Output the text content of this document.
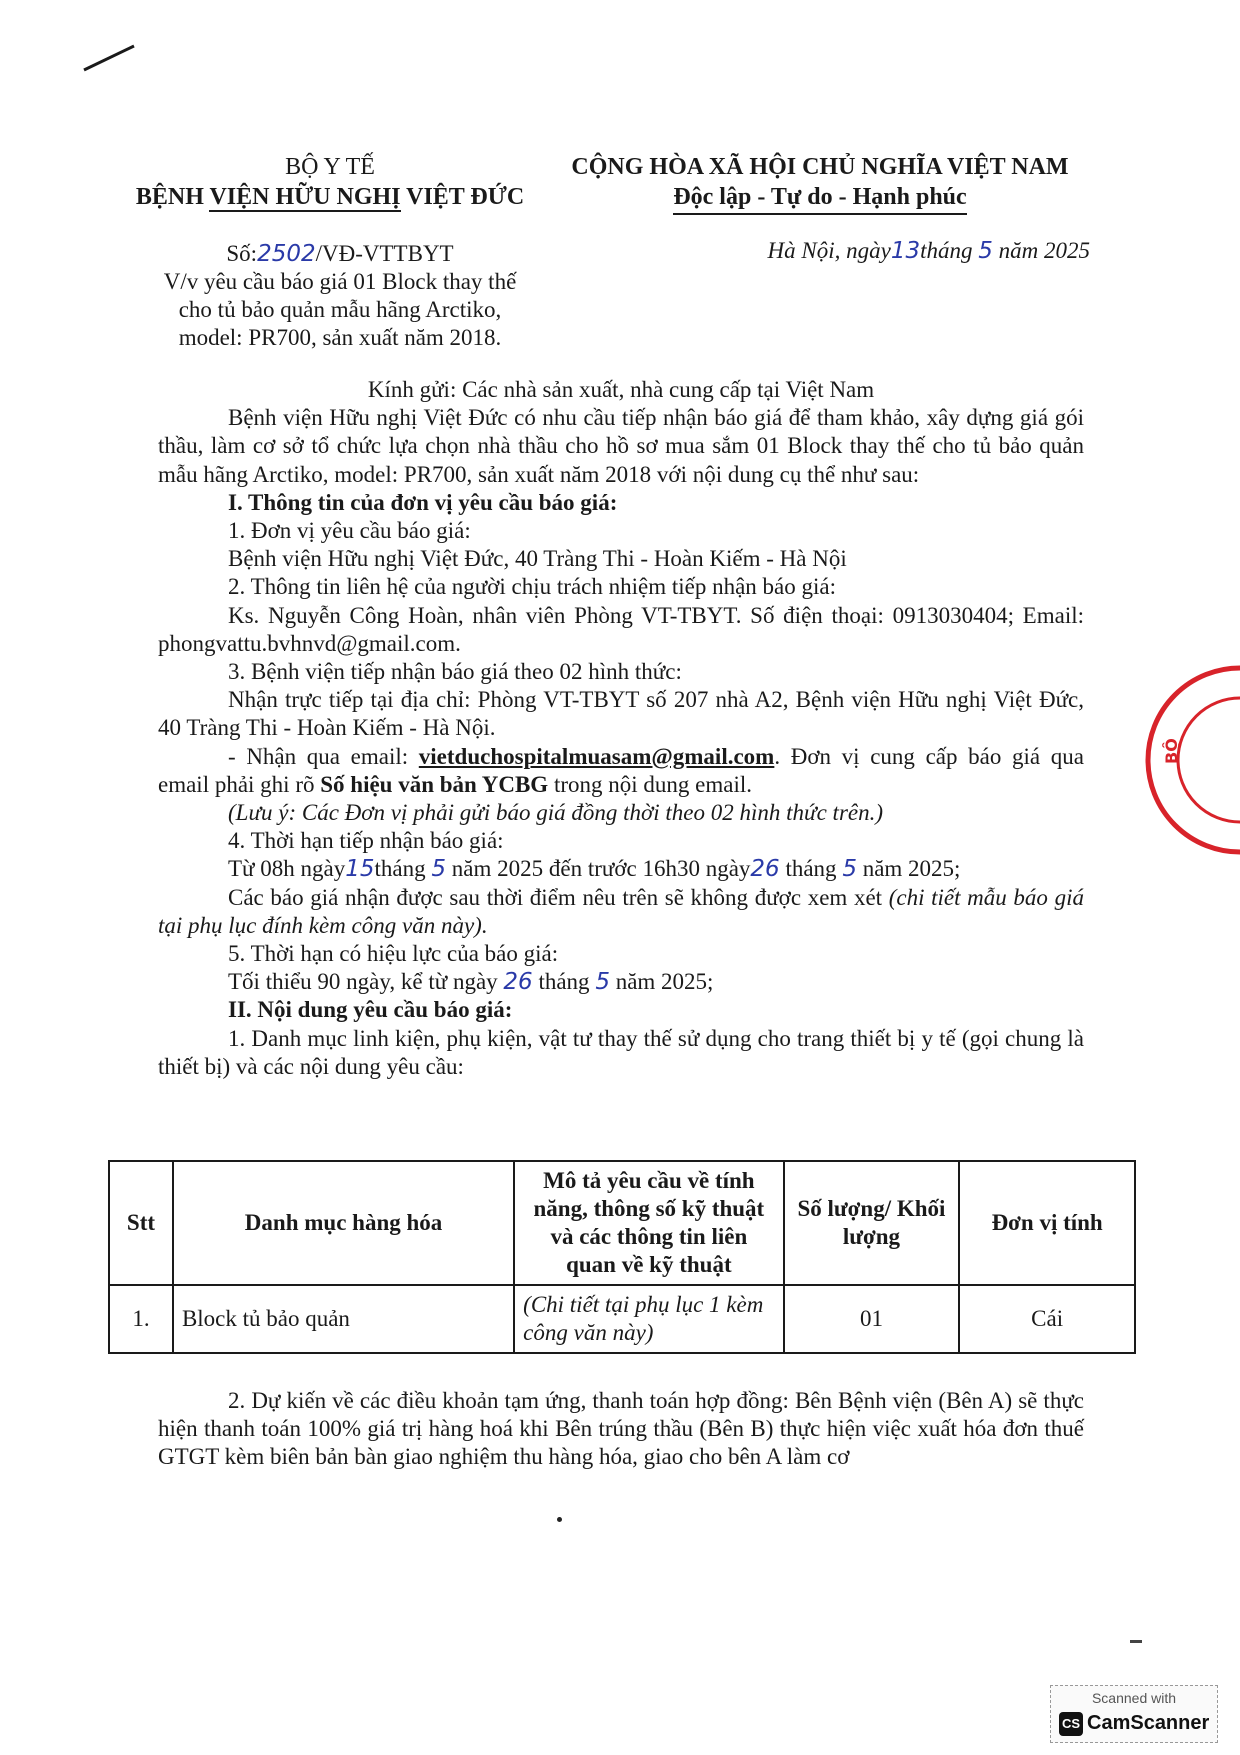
BỘ Y TẾ
BỆNH VIỆN HỮU NGHỊ VIỆT ĐỨC
CỘNG HÒA XÃ HỘI CHỦ NGHĨA VIỆT NAM
Độc lập - Tự do - Hạnh phúc
Số:2502/VĐ-VTTBYT
V/v yêu cầu báo giá 01 Block thay thế
cho tủ bảo quản mẫu hãng Arctiko,
model: PR700, sản xuất năm 2018.
Hà Nội, ngày13tháng 5 năm 2025

Kính gửi: Các nhà sản xuất, nhà cung cấp tại Việt Nam

Bệnh viện Hữu nghị Việt Đức có nhu cầu tiếp nhận báo giá để tham khảo, xây dựng giá gói thầu, làm cơ sở tổ chức lựa chọn nhà thầu cho hồ sơ mua sắm 01 Block thay thế cho tủ bảo quản mẫu hãng Arctiko, model: PR700, sản xuất năm 2018 với nội dung cụ thể như sau:

I. Thông tin của đơn vị yêu cầu báo giá:

1. Đơn vị yêu cầu báo giá:

Bệnh viện Hữu nghị Việt Đức, 40 Tràng Thi - Hoàn Kiếm - Hà Nội

2. Thông tin liên hệ của người chịu trách nhiệm tiếp nhận báo giá:

Ks. Nguyễn Công Hoàn, nhân viên Phòng VT-TBYT. Số điện thoại: 0913030404; Email: phongvattu.bvhnvd@gmail.com.

3. Bệnh viện tiếp nhận báo giá theo 02 hình thức:

Nhận trực tiếp tại địa chỉ: Phòng VT-TBYT số 207 nhà A2, Bệnh viện Hữu nghị Việt Đức, 40 Tràng Thi - Hoàn Kiếm - Hà Nội.

- Nhận qua email: vietduchospitalmuasam@gmail.com. Đơn vị cung cấp báo giá qua email phải ghi rõ Số hiệu văn bản YCBG trong nội dung email.

(Lưu ý: Các Đơn vị phải gửi báo giá đồng thời theo 02 hình thức trên.)

4. Thời hạn tiếp nhận báo giá:

Từ 08h ngày15tháng 5 năm 2025 đến trước 16h30 ngày26 tháng 5 năm 2025;

Các báo giá nhận được sau thời điểm nêu trên sẽ không được xem xét (chi tiết mẫu báo giá tại phụ lục đính kèm công văn này).

5. Thời hạn có hiệu lực của báo giá:

Tối thiểu 90 ngày, kể từ ngày 26 tháng 5 năm 2025;

II. Nội dung yêu cầu báo giá:

1. Danh mục linh kiện, phụ kiện, vật tư thay thế sử dụng cho trang thiết bị y tế (gọi chung là thiết bị) và các nội dung yêu cầu:

Stt	Danh mục hàng hóa	Mô tả yêu cầu về tính năng, thông số kỹ thuật và các thông tin liên quan về kỹ thuật	Số lượng/ Khối lượng	Đơn vị tính
1.	Block tủ bảo quản	(Chi tiết tại phụ lục 1 kèm công văn này)	01	Cái

2. Dự kiến về các điều khoản tạm ứng, thanh toán hợp đồng: Bên Bệnh viện (Bên A) sẽ thực hiện thanh toán 100% giá trị hàng hoá khi Bên trúng thầu (Bên B) thực hiện việc xuất hóa đơn thuế GTGT kèm biên bản bàn giao nghiệm thu hàng hóa, giao cho bên A làm cơ

BỘ
Scanned with
CS CamScanner
